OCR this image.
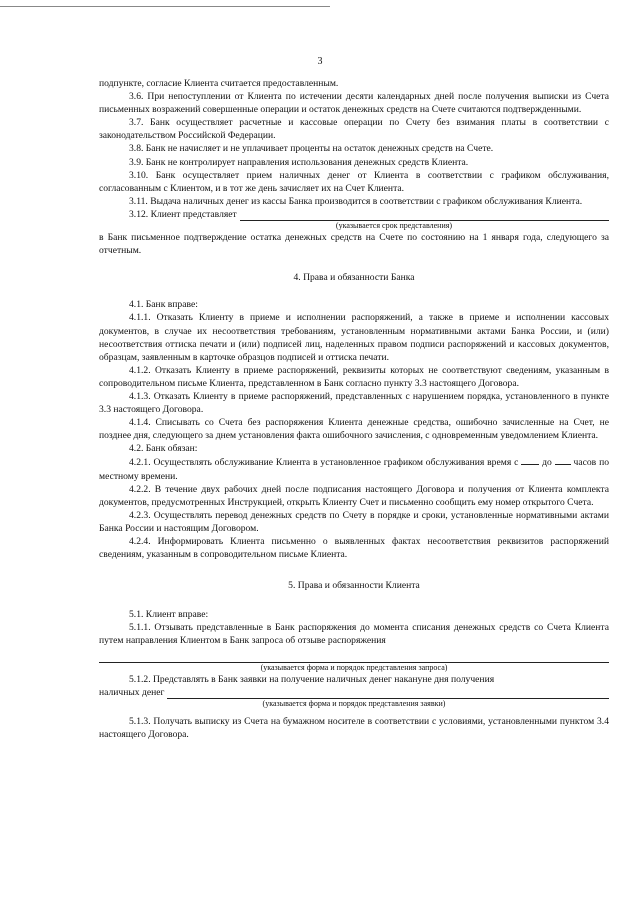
3

подпункте, согласие Клиента считается предоставленным.

3.6. При непоступлении от Клиента по истечении десяти календарных дней после получения выписки из Счета письменных возражений совершенные операции и остаток денежных средств на Счете считаются подтвержденными.

3.7. Банк осуществляет расчетные и кассовые операции по Счету без взимания платы в соответствии с законодательством Российской Федерации.

3.8. Банк не начисляет и не уплачивает проценты на остаток денежных средств на Счете.

3.9. Банк не контролирует направления использования денежных средств Клиента.

3.10. Банк осуществляет прием наличных денег от Клиента в соответствии с графиком обслуживания, согласованным с Клиентом, и в тот же день зачисляет их на Счет Клиента.

3.11. Выдача наличных денег из кассы Банка производится в соответствии с графиком обслуживания Клиента.

3.12. Клиент представляет
(указывается срок представления)

в Банк письменное подтверждение остатка денежных средств на Счете по состоянию на 1 января года, следующего за отчетным.

4. Права и обязанности Банка

4.1. Банк вправе:

4.1.1. Отказать Клиенту в приеме и исполнении распоряжений, а также в приеме и исполнении кассовых документов, в случае их несоответствия требованиям, установленным нормативными актами Банка России, и (или) несоответствия оттиска печати и (или) подписей лиц, наделенных правом подписи распоряжений и кассовых документов, образцам, заявленным в карточке образцов подписей и оттиска печати.

4.1.2. Отказать Клиенту в приеме распоряжений, реквизиты которых не соответствуют сведениям, указанным в сопроводительном письме Клиента, представленном в Банк согласно пункту 3.3 настоящего Договора.

4.1.3. Отказать Клиенту в приеме распоряжений, представленных с нарушением порядка, установленного в пункте 3.3 настоящего Договора.

4.1.4. Списывать со Счета без распоряжения Клиента денежные средства, ошибочно зачисленные на Счет, не позднее дня, следующего за днем установления факта ошибочного зачисления, с одновременным уведомлением Клиента.

4.2. Банк обязан:

4.2.1. Осуществлять обслуживание Клиента в установленное графиком обслуживания время с до часов по местному времени.

4.2.2. В течение двух рабочих дней после подписания настоящего Договора и получения от Клиента комплекта документов, предусмотренных Инструкцией, открыть Клиенту Счет и письменно сообщить ему номер открытого Счета.

4.2.3. Осуществлять перевод денежных средств по Счету в порядке и сроки, установленные нормативными актами Банка России и настоящим Договором.

4.2.4. Информировать Клиента письменно о выявленных фактах несоответствия реквизитов распоряжений сведениям, указанным в сопроводительном письме Клиента.

5. Права и обязанности Клиента

5.1. Клиент вправе:

5.1.1. Отзывать представленные в Банк распоряжения до момента списания денежных средств со Счета Клиента путем направления Клиентом в Банк запроса об отзыве распоряжения

(указывается форма и порядок представления запроса)

5.1.2. Представлять в Банк заявки на получение наличных денег накануне дня получения

наличных денег
(указывается форма и порядок представления заявки)

5.1.3. Получать выписку из Счета на бумажном носителе в соответствии с условиями, установленными пунктом 3.4 настоящего Договора.
